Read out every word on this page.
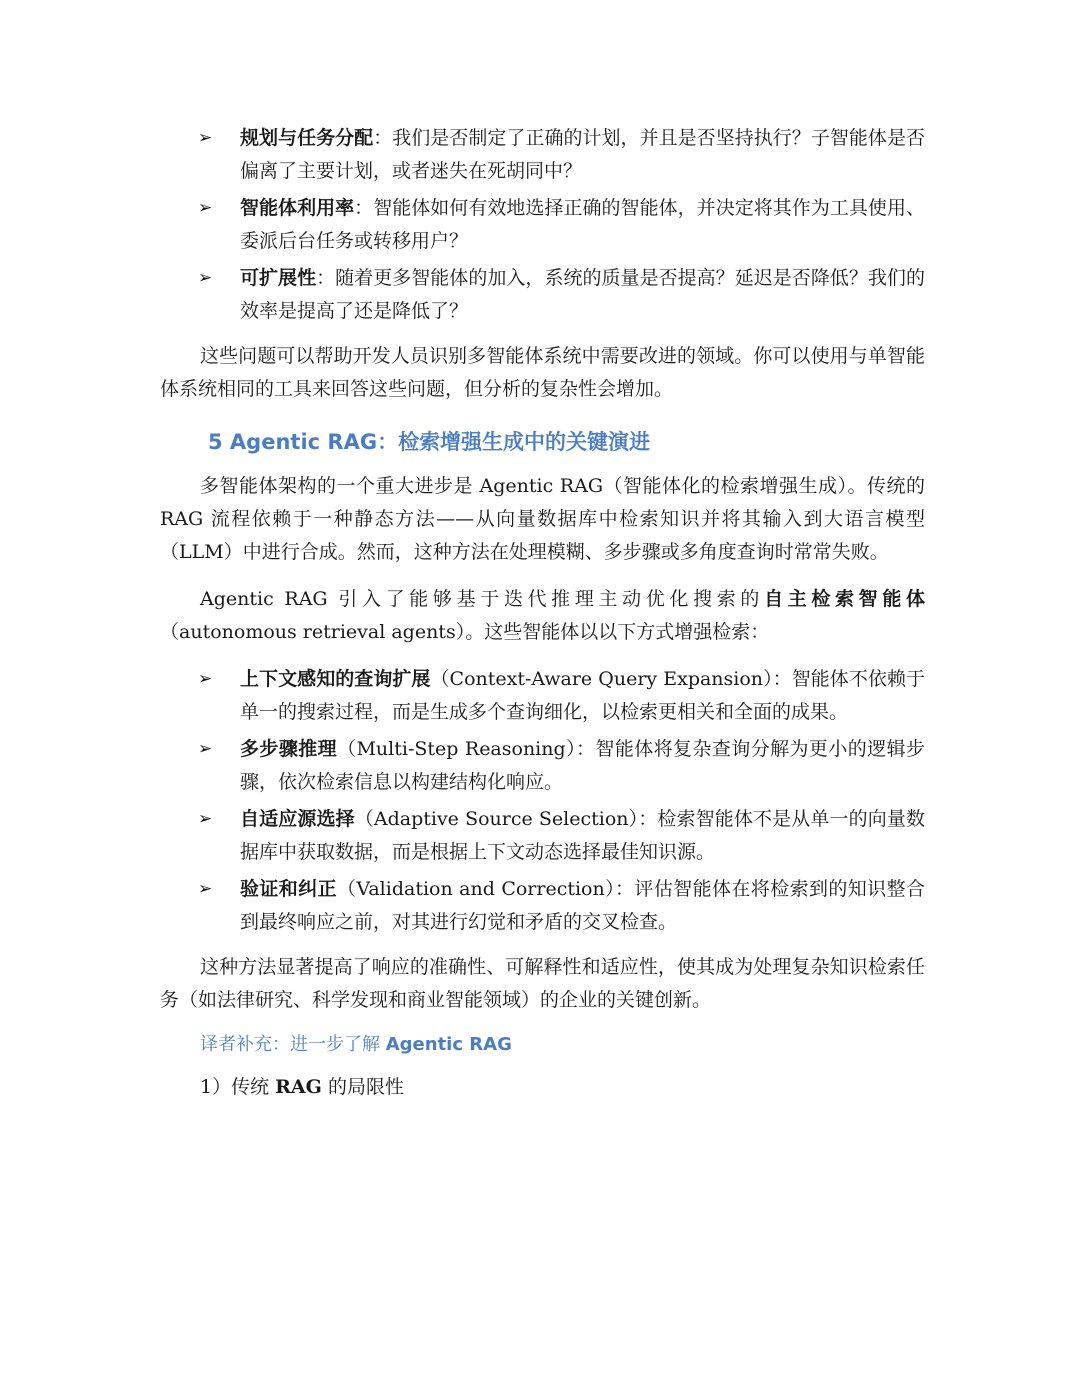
➢ 规划与任务分配：我们是否制定了正确的计划，并且是否坚持执行？子智能体是否偏离了主要计划，或者迷失在死胡同中？
➢ 智能体利用率：智能体如何有效地选择正确的智能体，并决定将其作为工具使用、委派后台任务或转移用户？
➢ 可扩展性：随着更多智能体的加入，系统的质量是否提高？延迟是否降低？我们的效率是提高了还是降低了？

这些问题可以帮助开发人员识别多智能体系统中需要改进的领域。你可以使用与单智能体系统相同的工具来回答这些问题，但分析的复杂性会增加。

5 Agentic RAG：检索增强生成中的关键演进

多智能体架构的一个重大进步是 Agentic RAG（智能体化的检索增强生成）。传统的 RAG 流程依赖于一种静态方法——从向量数据库中检索知识并将其输入到大语言模型（LLM）中进行合成。然而，这种方法在处理模糊、多步骤或多角度查询时常常失败。

Agentic RAG 引入了能够基于迭代推理主动优化搜索的自主检索智能体（autonomous retrieval agents）。这些智能体以以下方式增强检索：

➢ 上下文感知的查询扩展（Context-Aware Query Expansion）：智能体不依赖于单一的搜索过程，而是生成多个查询细化，以检索更相关和全面的成果。
➢ 多步骤推理（Multi-Step Reasoning）：智能体将复杂查询分解为更小的逻辑步骤，依次检索信息以构建结构化响应。
➢ 自适应源选择（Adaptive Source Selection）：检索智能体不是从单一的向量数据库中获取数据，而是根据上下文动态选择最佳知识源。
➢ 验证和纠正（Validation and Correction）：评估智能体在将检索到的知识整合到最终响应之前，对其进行幻觉和矛盾的交叉检查。

这种方法显著提高了响应的准确性、可解释性和适应性，使其成为处理复杂知识检索任务（如法律研究、科学发现和商业智能领域）的企业的关键创新。

译者补充：进一步了解 Agentic RAG

1）传统 RAG 的局限性
